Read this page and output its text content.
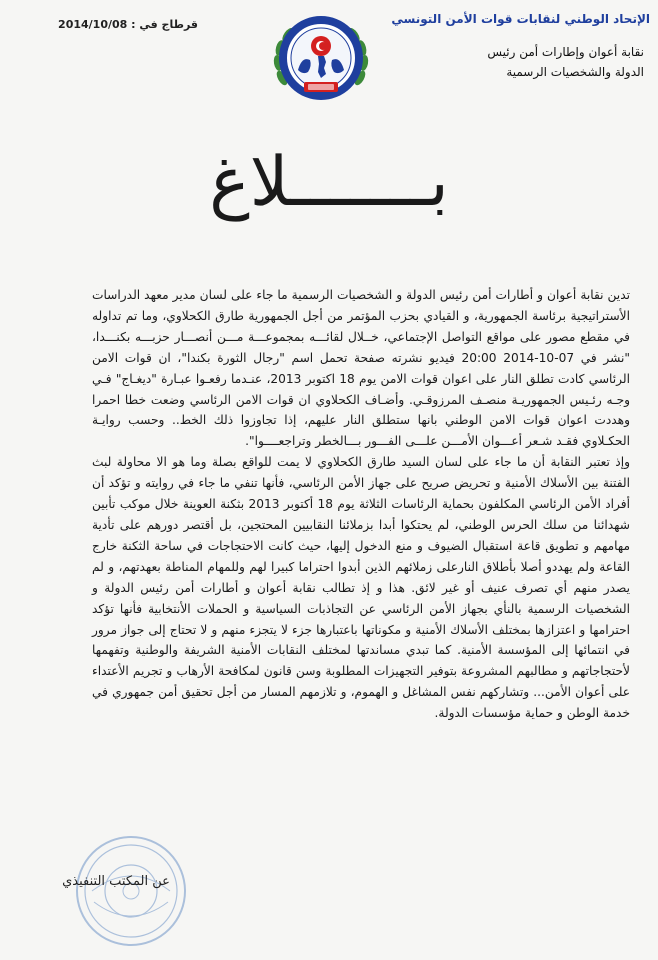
الإتحاد الوطني لنقابات قوات الأمن التونسي
نقابة أعوان وإطارات أمن رئيس
الدولة والشخصيات الرسمية
قرطاج في : 2014/10/08
بـــــــلاغ

تدين نقابة أعوان و أطارات أمن رئيس الدولة و الشخصيات الرسمية ما جاء على لسان مدير معهد الدراسات الأستراتيجية برئاسة الجمهورية، و القيادي بحزب المؤتمر من أجل الجمهورية طارق الكحلاوي، وما تم تداوله في مقطع مصور على مواقع التواصل الإجتماعي، خــلال لقائـــه بمجموعـــة مـــن أنصـــار حزبـــه بكنـــدا، "نشر في 07-10-2014 20:00 فيديو نشرته صفحة تحمل اسم "رجال الثورة بكندا"، ان قوات الامن الرئاسي كادت تطلق النار على اعوان قوات الامن يوم 18 اكتوبر 2013، عنـدما رفعـوا عبـارة "ديغـاج" فـي وجـه رئـيس الجمهوريـة منصـف المرزوقـي. وأضـاف الكحلاوي ان قوات الامن الرئاسي وضعت خطا احمرا وهددت اعوان قوات الامن الوطني بانها ستطلق النار عليهم، إذا تجاوزوا ذلك الخط.. وحسب روايـة الحكـلاوي فقـد شـعر أعـــوان الأمـــن علـــى الفـــور بـــالخطر وتراجعــــوا".

وإذ تعتبر النقابة أن ما جاء على لسان السيد طارق الكحلاوي لا يمت للواقع بصلة وما هو الا محاولة لبث الفتنة بين الأسلاك الأمنية و تحريض صريح على جهاز الأمن الرئاسي، فأنها تنفي ما جاء في روايته و تؤكد أن أفراد الأمن الرئاسي المكلفون بحماية الرئاسات الثلاثة يوم 18 أكتوبر 2013 بثكنة العوينة خلال موكب تأبين شهدائنا من سلك الحرس الوطني، لم يحتكوا أبدا بزملائنا النقابيين المحتجين، بل أقتصر دورهم على تأدية مهامهم و تطويق قاعة استقبال الضيوف و منع الدخول إليها، حيث كانت الاحتجاجات في ساحة الثكنة خارج القاعة ولم يهددو أصلا بأطلاق النارعلى زملائهم الذين أبدوا احتراما كبيرا لهم وللمهام المناطة بعهدتهم، و لم يصدر منهم أي تصرف عنيف أو غير لائق. هذا و إذ تطالب نقابة أعوان و أطارات أمن رئيس الدولة و الشخصيات الرسمية بالنأي بجهاز الأمن الرئاسي عن التجاذبات السياسية و الحملات الأنتخابية فأنها تؤكد احترامها و اعتزازها بمختلف الأسلاك الأمنية و مكوناتها باعتبارها جزء لا يتجزء منهم و لا تحتاج إلى جواز مرور في انتمائها إلى المؤسسة الأمنية. كما تبدي مساندتها لمختلف النقابات الأمنية الشريفة والوطنية وتفهمها لأحتجاجاتهم و مطالبهم المشروعة بتوفير التجهيزات المطلوبة وسن قانون لمكافحة الأرهاب و تجريم الأعتداء على أعوان الأمن... وتشاركهم نفس المشاغل و الهموم، و تلازمهم المسار من أجل تحقيق أمن جمهوري في خدمة الوطن و حماية مؤسسات الدولة.

عن المكتب التنفيذي
